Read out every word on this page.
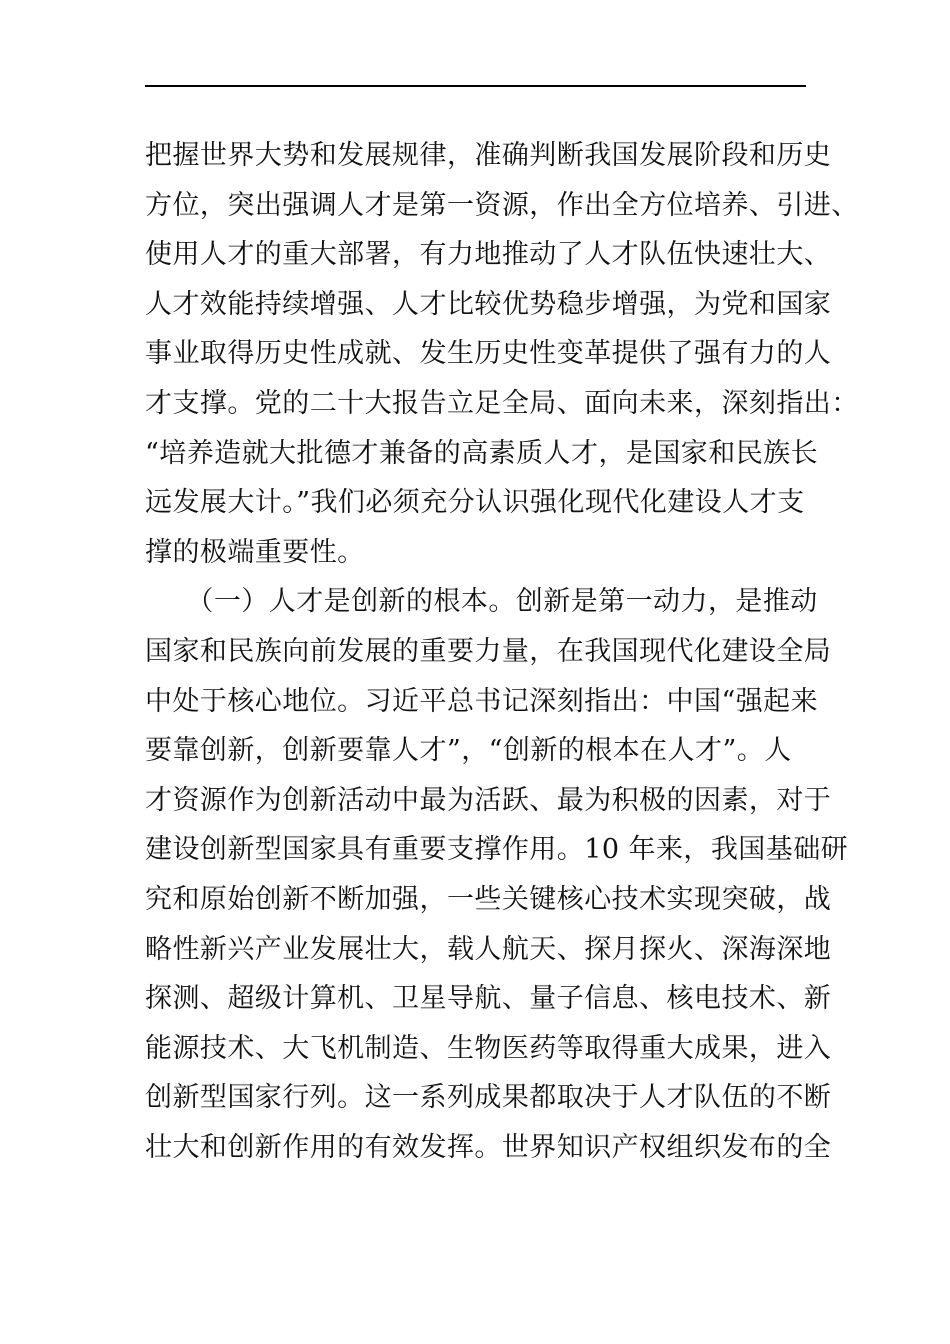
把握世界大势和发展规律，准确判断我国发展阶段和历史
方位，突出强调人才是第一资源，作出全方位培养、引进、
使用人才的重大部署，有力地推动了人才队伍快速壮大、
人才效能持续增强、人才比较优势稳步增强，为党和国家
事业取得历史性成就、发生历史性变革提供了强有力的人
才支撑。党的二十大报告立足全局、面向未来，深刻指出：
“培养造就大批德才兼备的高素质人才，是国家和民族长
远发展大计。”我们必须充分认识强化现代化建设人才支
撑的极端重要性。
　　（一）人才是创新的根本。创新是第一动力，是推动
国家和民族向前发展的重要力量，在我国现代化建设全局
中处于核心地位。习近平总书记深刻指出：中国“强起来
要靠创新，创新要靠人才”，“创新的根本在人才”。人
才资源作为创新活动中最为活跃、最为积极的因素，对于
建设创新型国家具有重要支撑作用。10 年来，我国基础研
究和原始创新不断加强，一些关键核心技术实现突破，战
略性新兴产业发展壮大，载人航天、探月探火、深海深地
探测、超级计算机、卫星导航、量子信息、核电技术、新
能源技术、大飞机制造、生物医药等取得重大成果，进入
创新型国家行列。这一系列成果都取决于人才队伍的不断
壮大和创新作用的有效发挥。世界知识产权组织发布的全
